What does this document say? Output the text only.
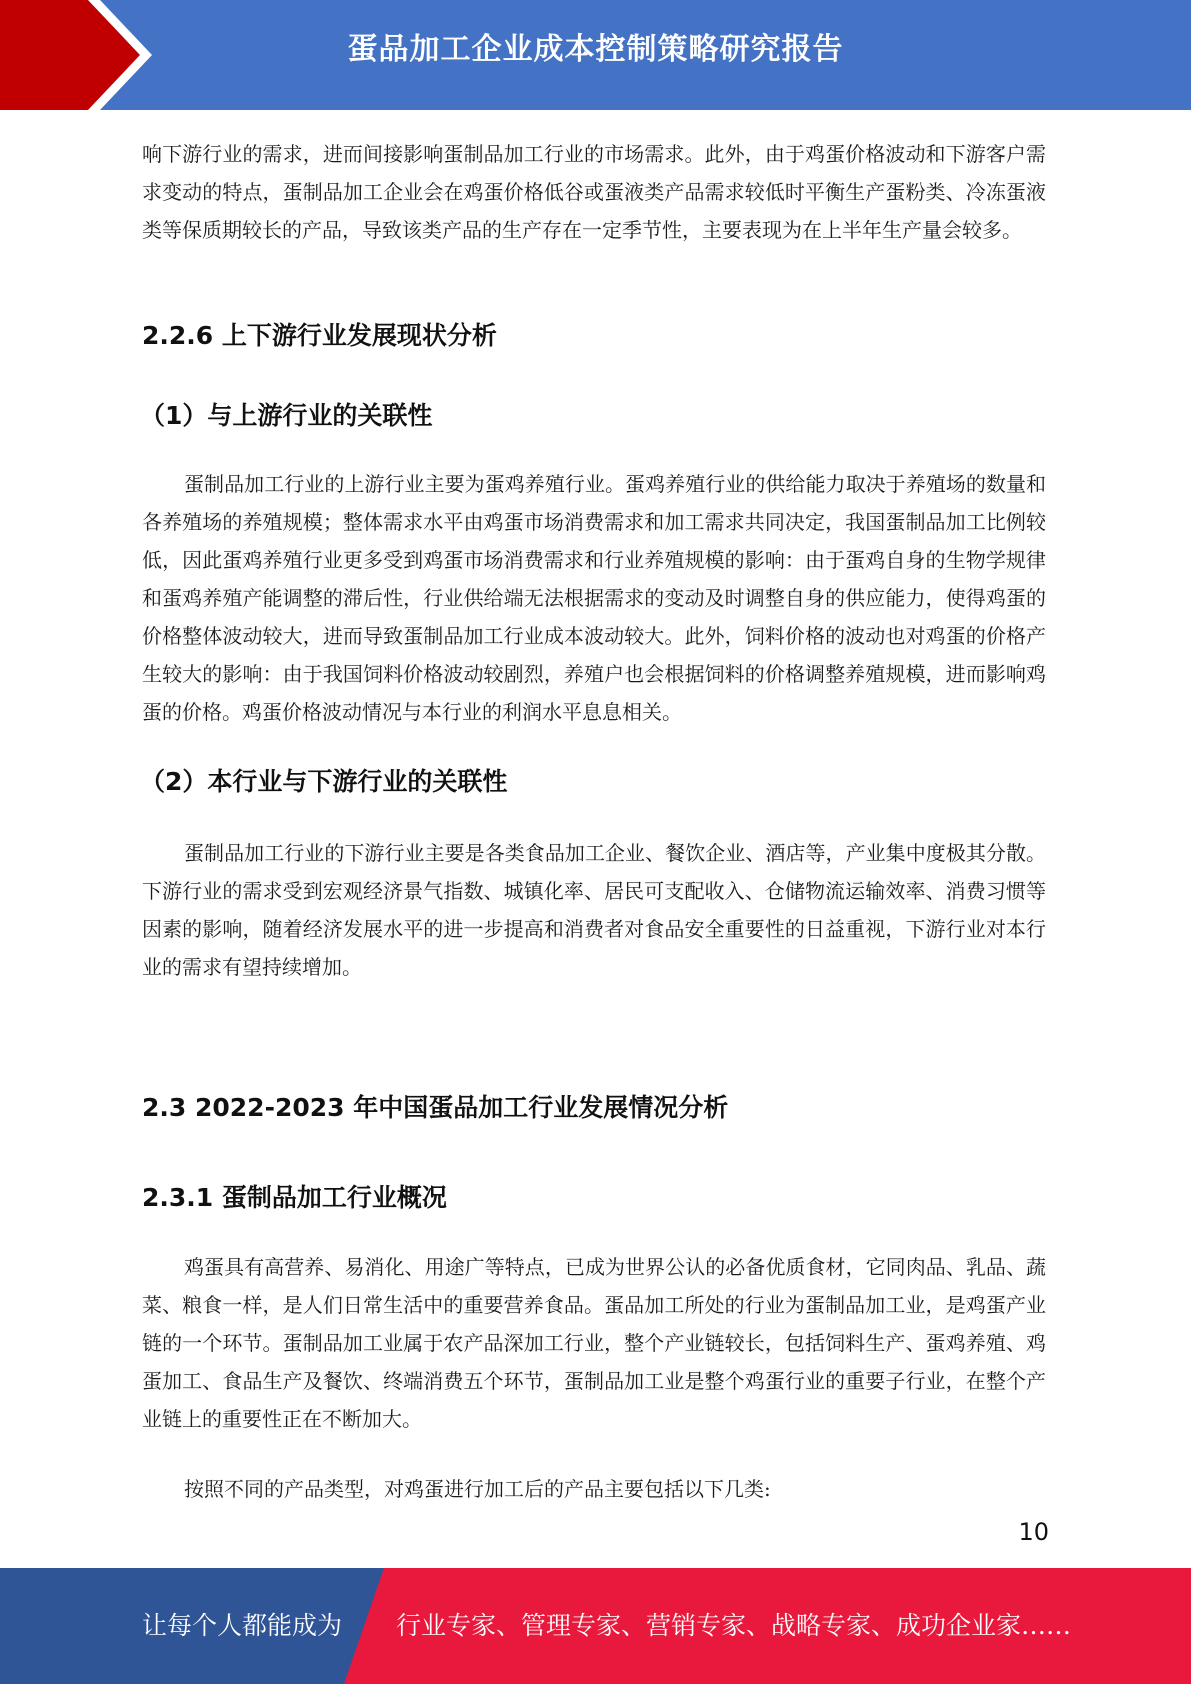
蛋品加工企业成本控制策略研究报告

响下游行业的需求，进而间接影响蛋制品加工行业的市场需求。此外，由于鸡蛋价格波动和下游客户需求变动的特点，蛋制品加工企业会在鸡蛋价格低谷或蛋液类产品需求较低时平衡生产蛋粉类、冷冻蛋液类等保质期较长的产品，导致该类产品的生产存在一定季节性，主要表现为在上半年生产量会较多。

2.2.6 上下游行业发展现状分析
（1）与上游行业的关联性

蛋制品加工行业的上游行业主要为蛋鸡养殖行业。蛋鸡养殖行业的供给能力取决于养殖场的数量和各养殖场的养殖规模；整体需求水平由鸡蛋市场消费需求和加工需求共同决定，我国蛋制品加工比例较低，因此蛋鸡养殖行业更多受到鸡蛋市场消费需求和行业养殖规模的影响：由于蛋鸡自身的生物学规律和蛋鸡养殖产能调整的滞后性，行业供给端无法根据需求的变动及时调整自身的供应能力，使得鸡蛋的价格整体波动较大，进而导致蛋制品加工行业成本波动较大。此外，饲料价格的波动也对鸡蛋的价格产生较大的影响：由于我国饲料价格波动较剧烈，养殖户也会根据饲料的价格调整养殖规模，进而影响鸡蛋的价格。鸡蛋价格波动情况与本行业的利润水平息息相关。

（2）本行业与下游行业的关联性

蛋制品加工行业的下游行业主要是各类食品加工企业、餐饮企业、酒店等，产业集中度极其分散。下游行业的需求受到宏观经济景气指数、城镇化率、居民可支配收入、仓储物流运输效率、消费习惯等因素的影响，随着经济发展水平的进一步提高和消费者对食品安全重要性的日益重视，下游行业对本行业的需求有望持续增加。

2.3 2022-2023 年中国蛋品加工行业发展情况分析
2.3.1 蛋制品加工行业概况

鸡蛋具有高营养、易消化、用途广等特点，已成为世界公认的必备优质食材，它同肉品、乳品、蔬菜、粮食一样，是人们日常生活中的重要营养食品。蛋品加工所处的行业为蛋制品加工业，是鸡蛋产业链的一个环节。蛋制品加工业属于农产品深加工行业，整个产业链较长，包括饲料生产、蛋鸡养殖、鸡蛋加工、食品生产及餐饮、终端消费五个环节，蛋制品加工业是整个鸡蛋行业的重要子行业，在整个产业链上的重要性正在不断加大。

按照不同的产品类型，对鸡蛋进行加工后的产品主要包括以下几类:

10
让每个人都能成为 行业专家、管理专家、营销专家、战略专家、成功企业家……
